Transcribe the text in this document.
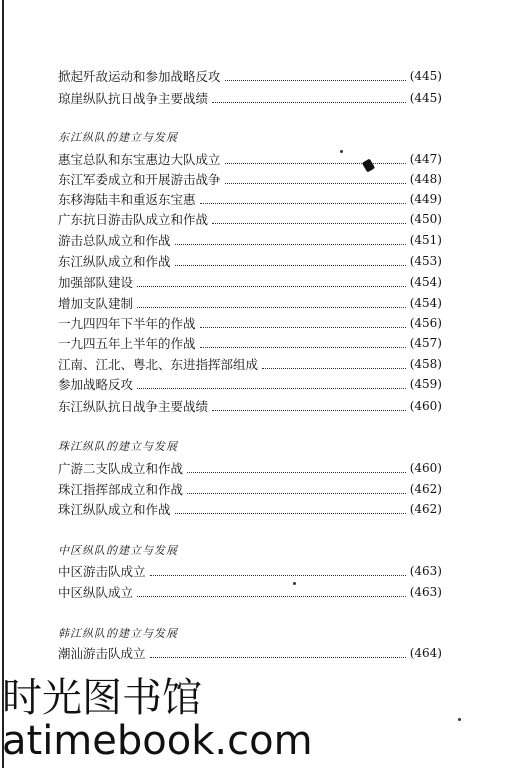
掀起歼敌运动和参加战略反攻	(445)
琼崖纵队抗日战争主要战绩	(445)
东江纵队的建立与发展
惠宝总队和东宝惠边大队成立	(447)
东江军委成立和开展游击战争	(448)
东移海陆丰和重返东宝惠	(449)
广东抗日游击队成立和作战	(450)
游击总队成立和作战	(451)
东江纵队成立和作战	(453)
加强部队建设	(454)
增加支队建制	(454)
一九四四年下半年的作战	(456)
一九四五年上半年的作战	(457)
江南、江北、粤北、东进指挥部组成	(458)
参加战略反攻	(459)
东江纵队抗日战争主要战绩	(460)
珠江纵队的建立与发展
广游二支队成立和作战	(460)
珠江指挥部成立和作战	(462)
珠江纵队成立和作战	(462)
中区纵队的建立与发展
中区游击队成立	(463)
中区纵队成立	(463)
韩江纵队的建立与发展
潮汕游击队成立	(464)
时光图书馆
atimebook.com
